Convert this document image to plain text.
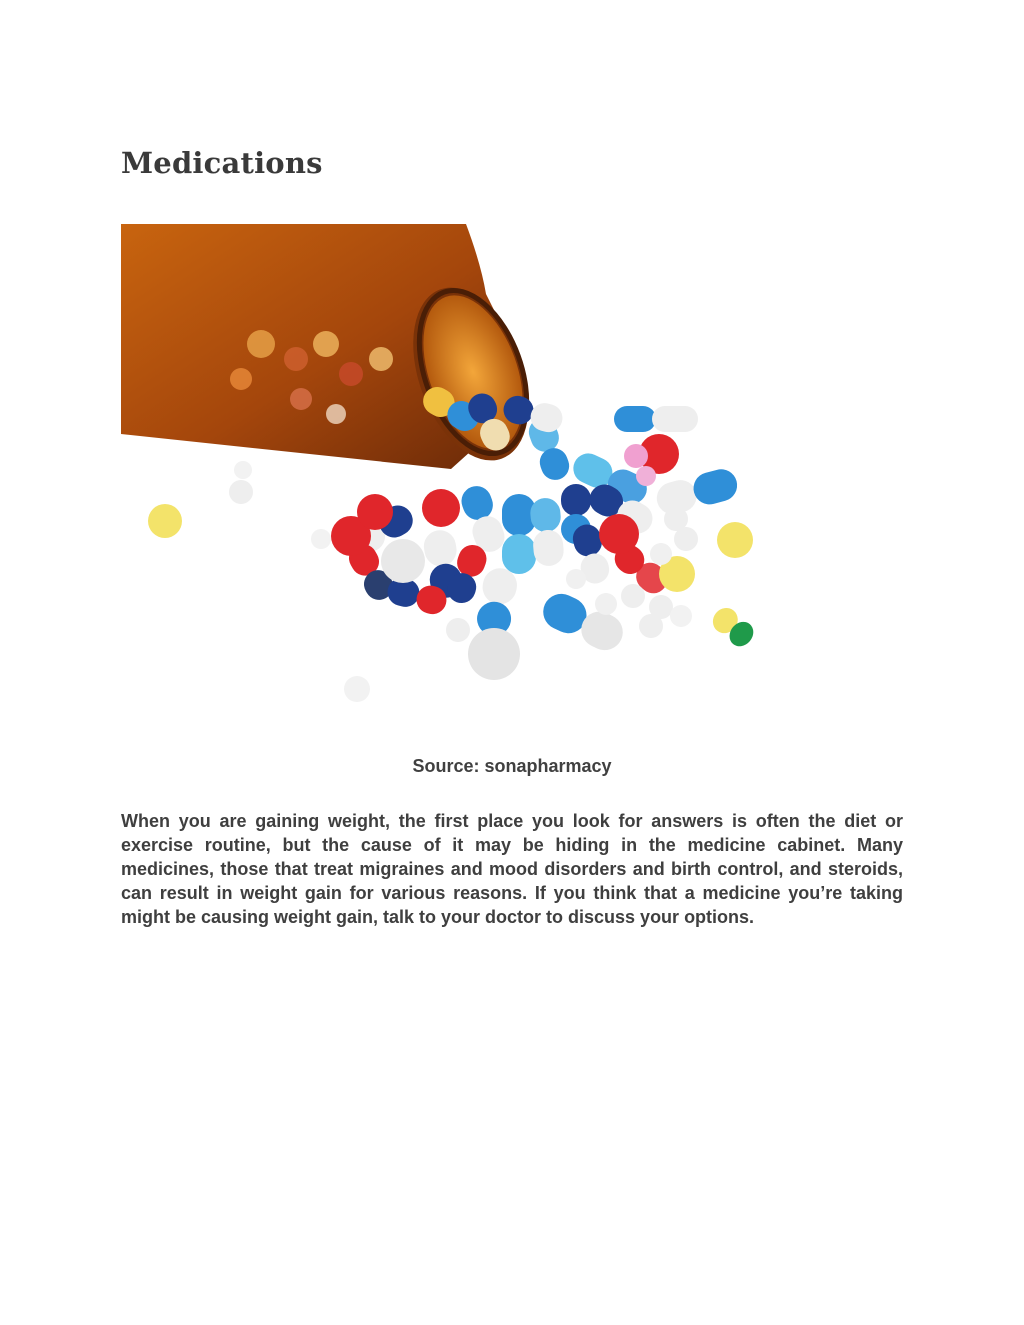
Medications
Source: sonapharmacy

When you are gaining weight, the first place you look for answers is often the diet or exercise routine, but the cause of it may be hiding in the medicine cabinet. Many medicines, those that treat migraines and mood disorders and birth control, and steroids, can result in weight gain for various reasons. If you think that a medicine you’re taking might be causing weight gain, talk to your doctor to discuss your options.
